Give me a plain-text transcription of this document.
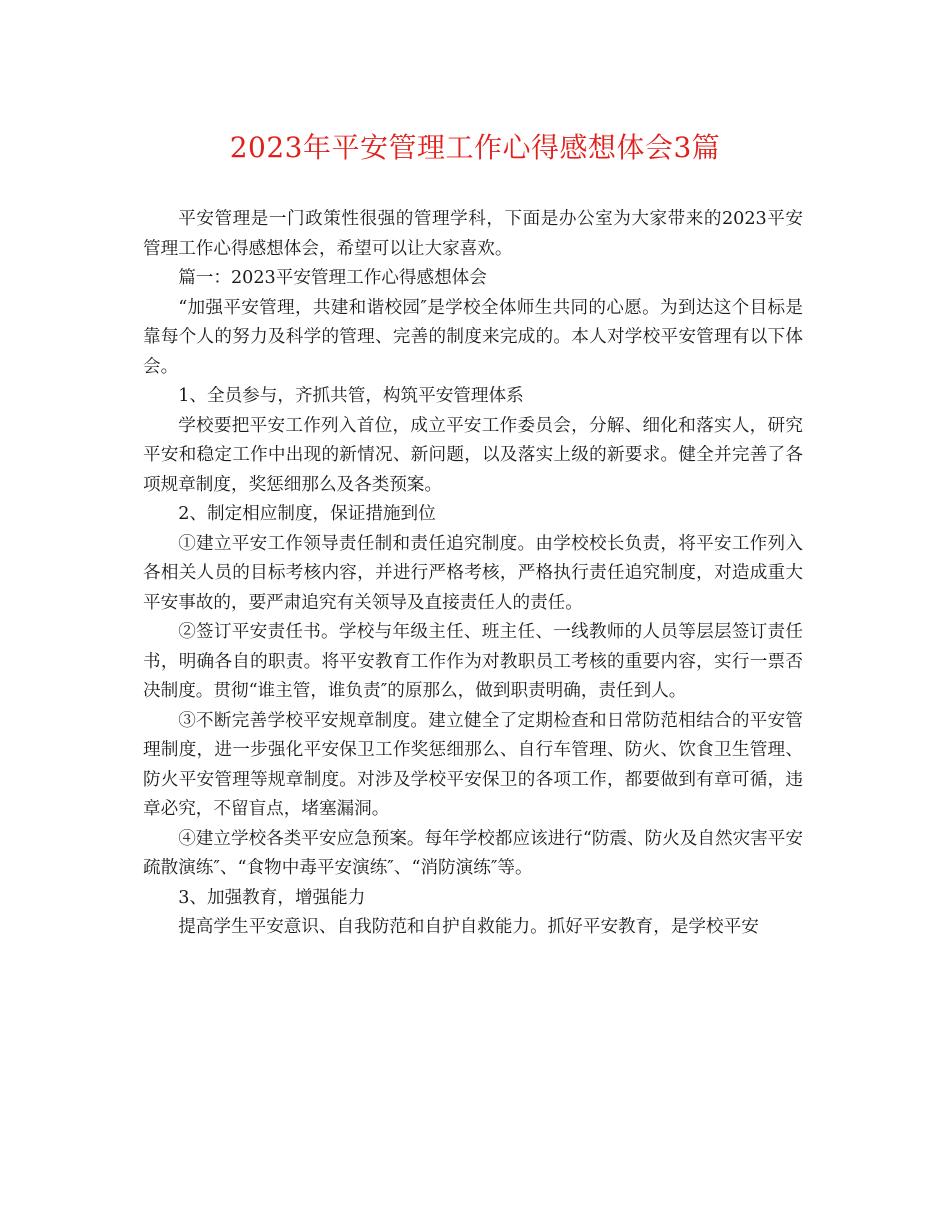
2023年平安管理工作心得感想体会3篇

平安管理是一门政策性很强的管理学科，下面是办公室为大家带来的2023平安管理工作心得感想体会，希望可以让大家喜欢。

篇一：2023平安管理工作心得感想体会

“加强平安管理，共建和谐校园″是学校全体师生共同的心愿。为到达这个目标是靠每个人的努力及科学的管理、完善的制度来完成的。本人对学校平安管理有以下体会。

1、全员参与，齐抓共管，构筑平安管理体系

学校要把平安工作列入首位，成立平安工作委员会，分解、细化和落实人，研究平安和稳定工作中出现的新情况、新问题，以及落实上级的新要求。健全并完善了各项规章制度，奖惩细那么及各类预案。

2、制定相应制度，保证措施到位

①建立平安工作领导责任制和责任追究制度。由学校校长负责，将平安工作列入各相关人员的目标考核内容，并进行严格考核，严格执行责任追究制度，对造成重大平安事故的，要严肃追究有关领导及直接责任人的责任。

②签订平安责任书。学校与年级主任、班主任、一线教师的人员等层层签订责任书，明确各自的职责。将平安教育工作作为对教职员工考核的重要内容，实行一票否决制度。贯彻“谁主管，谁负责″的原那么，做到职责明确，责任到人。

③不断完善学校平安规章制度。建立健全了定期检查和日常防范相结合的平安管理制度，进一步强化平安保卫工作奖惩细那么、自行车管理、防火、饮食卫生管理、防火平安管理等规章制度。对涉及学校平安保卫的各项工作，都要做到有章可循，违章必究，不留盲点，堵塞漏洞。

④建立学校各类平安应急预案。每年学校都应该进行“防震、防火及自然灾害平安疏散演练″、“食物中毒平安演练″、“消防演练″等。

3、加强教育，增强能力

提高学生平安意识、自我防范和自护自救能力。抓好平安教育，是学校平安
